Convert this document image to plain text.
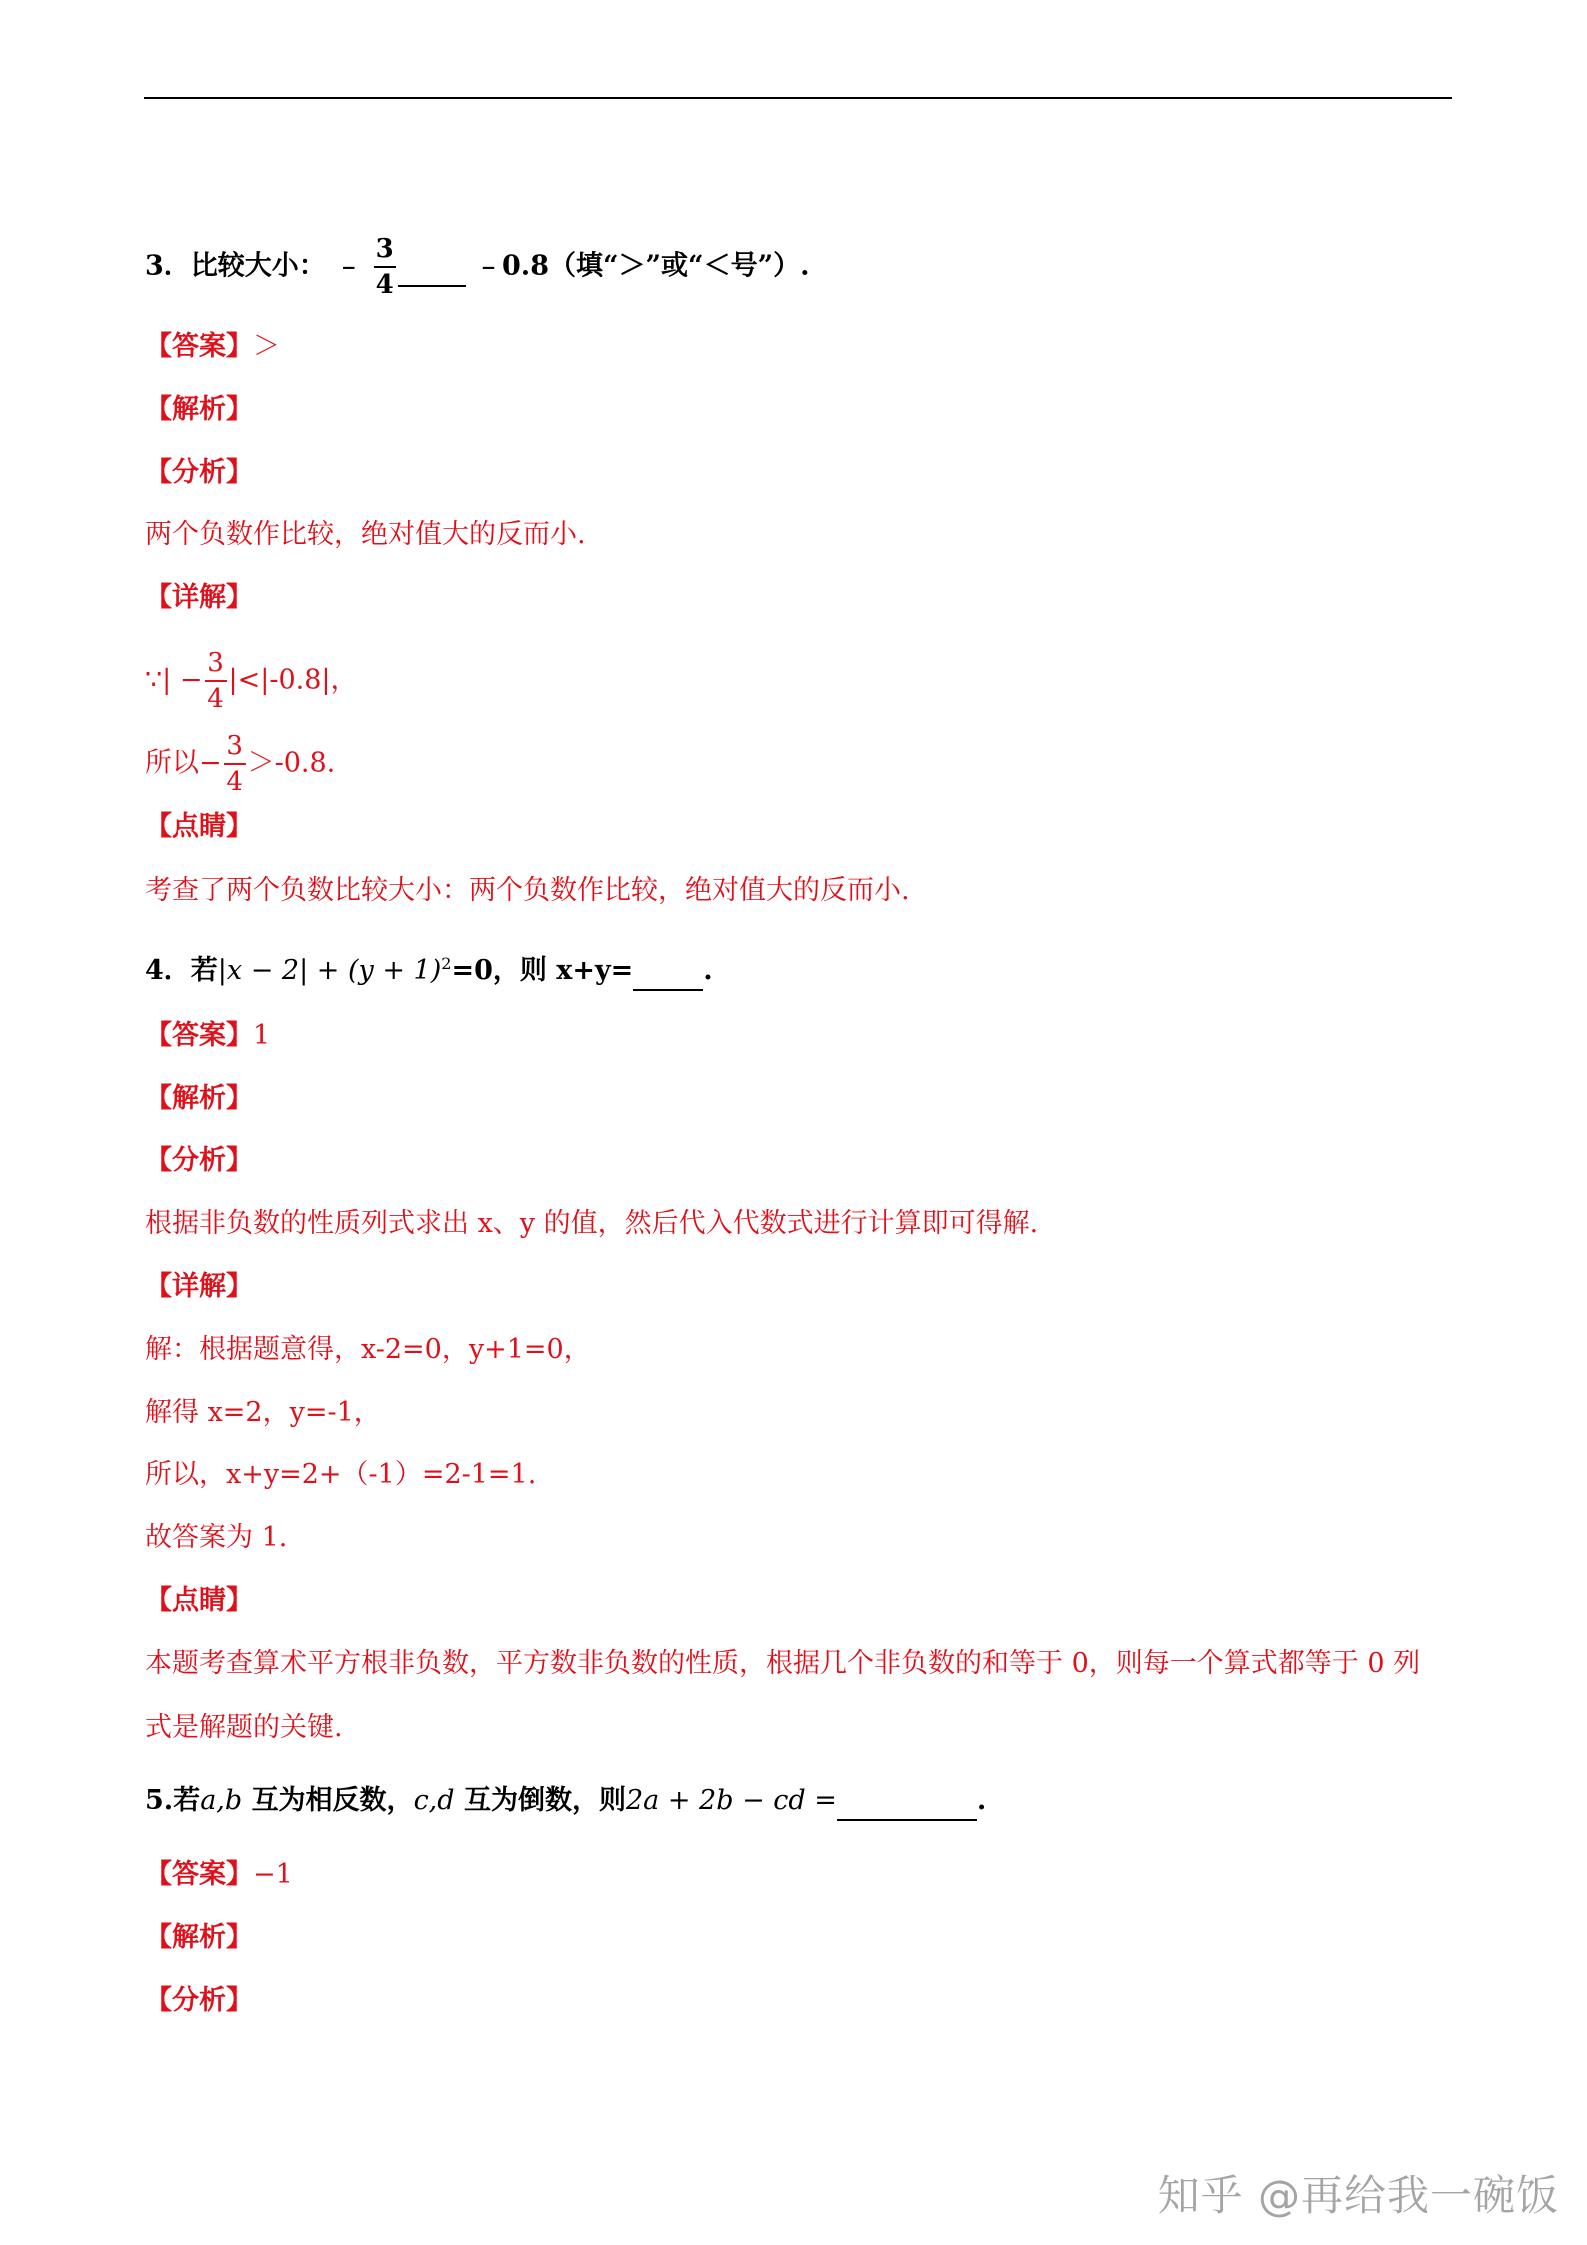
3．比较大小： ﹣ $\frac{3}{4}$	﹣0.8（填“＞”或“＜号”）.
【答案】＞
【解析】
【分析】
两个负数作比较，绝对值大的反而小.
【详解】
∵| − $\frac{3}{4} |<|-0.8|$，
所以− $\frac{3}{4} >-0.8$.
【点睛】
考查了两个负数比较大小：两个负数作比较，绝对值大的反而小.
4．若$|x - 2| + (y + 1)^2=0$，则 x+y=	.
【答案】1
【解析】
【分析】
根据非负数的性质列式求出 x、y 的值，然后代入代数式进行计算即可得解.
【详解】
解：根据题意得，x-2=0，y+1=0，
解得 x=2，y=-1，
所以，x+y=2+（-1）=2-1=1.
故答案为 1.
【点睛】
本题考查算术平方根非负数，平方数非负数的性质，根据几个非负数的和等于 0，则每一个算式都等于 0 列
式是解题的关键.
5.若a,b 互为相反数，c,d 互为倒数，则2a + 2b − cd =	.
【答案】−1
【解析】
【分析】
知乎 @再给我一碗饭
